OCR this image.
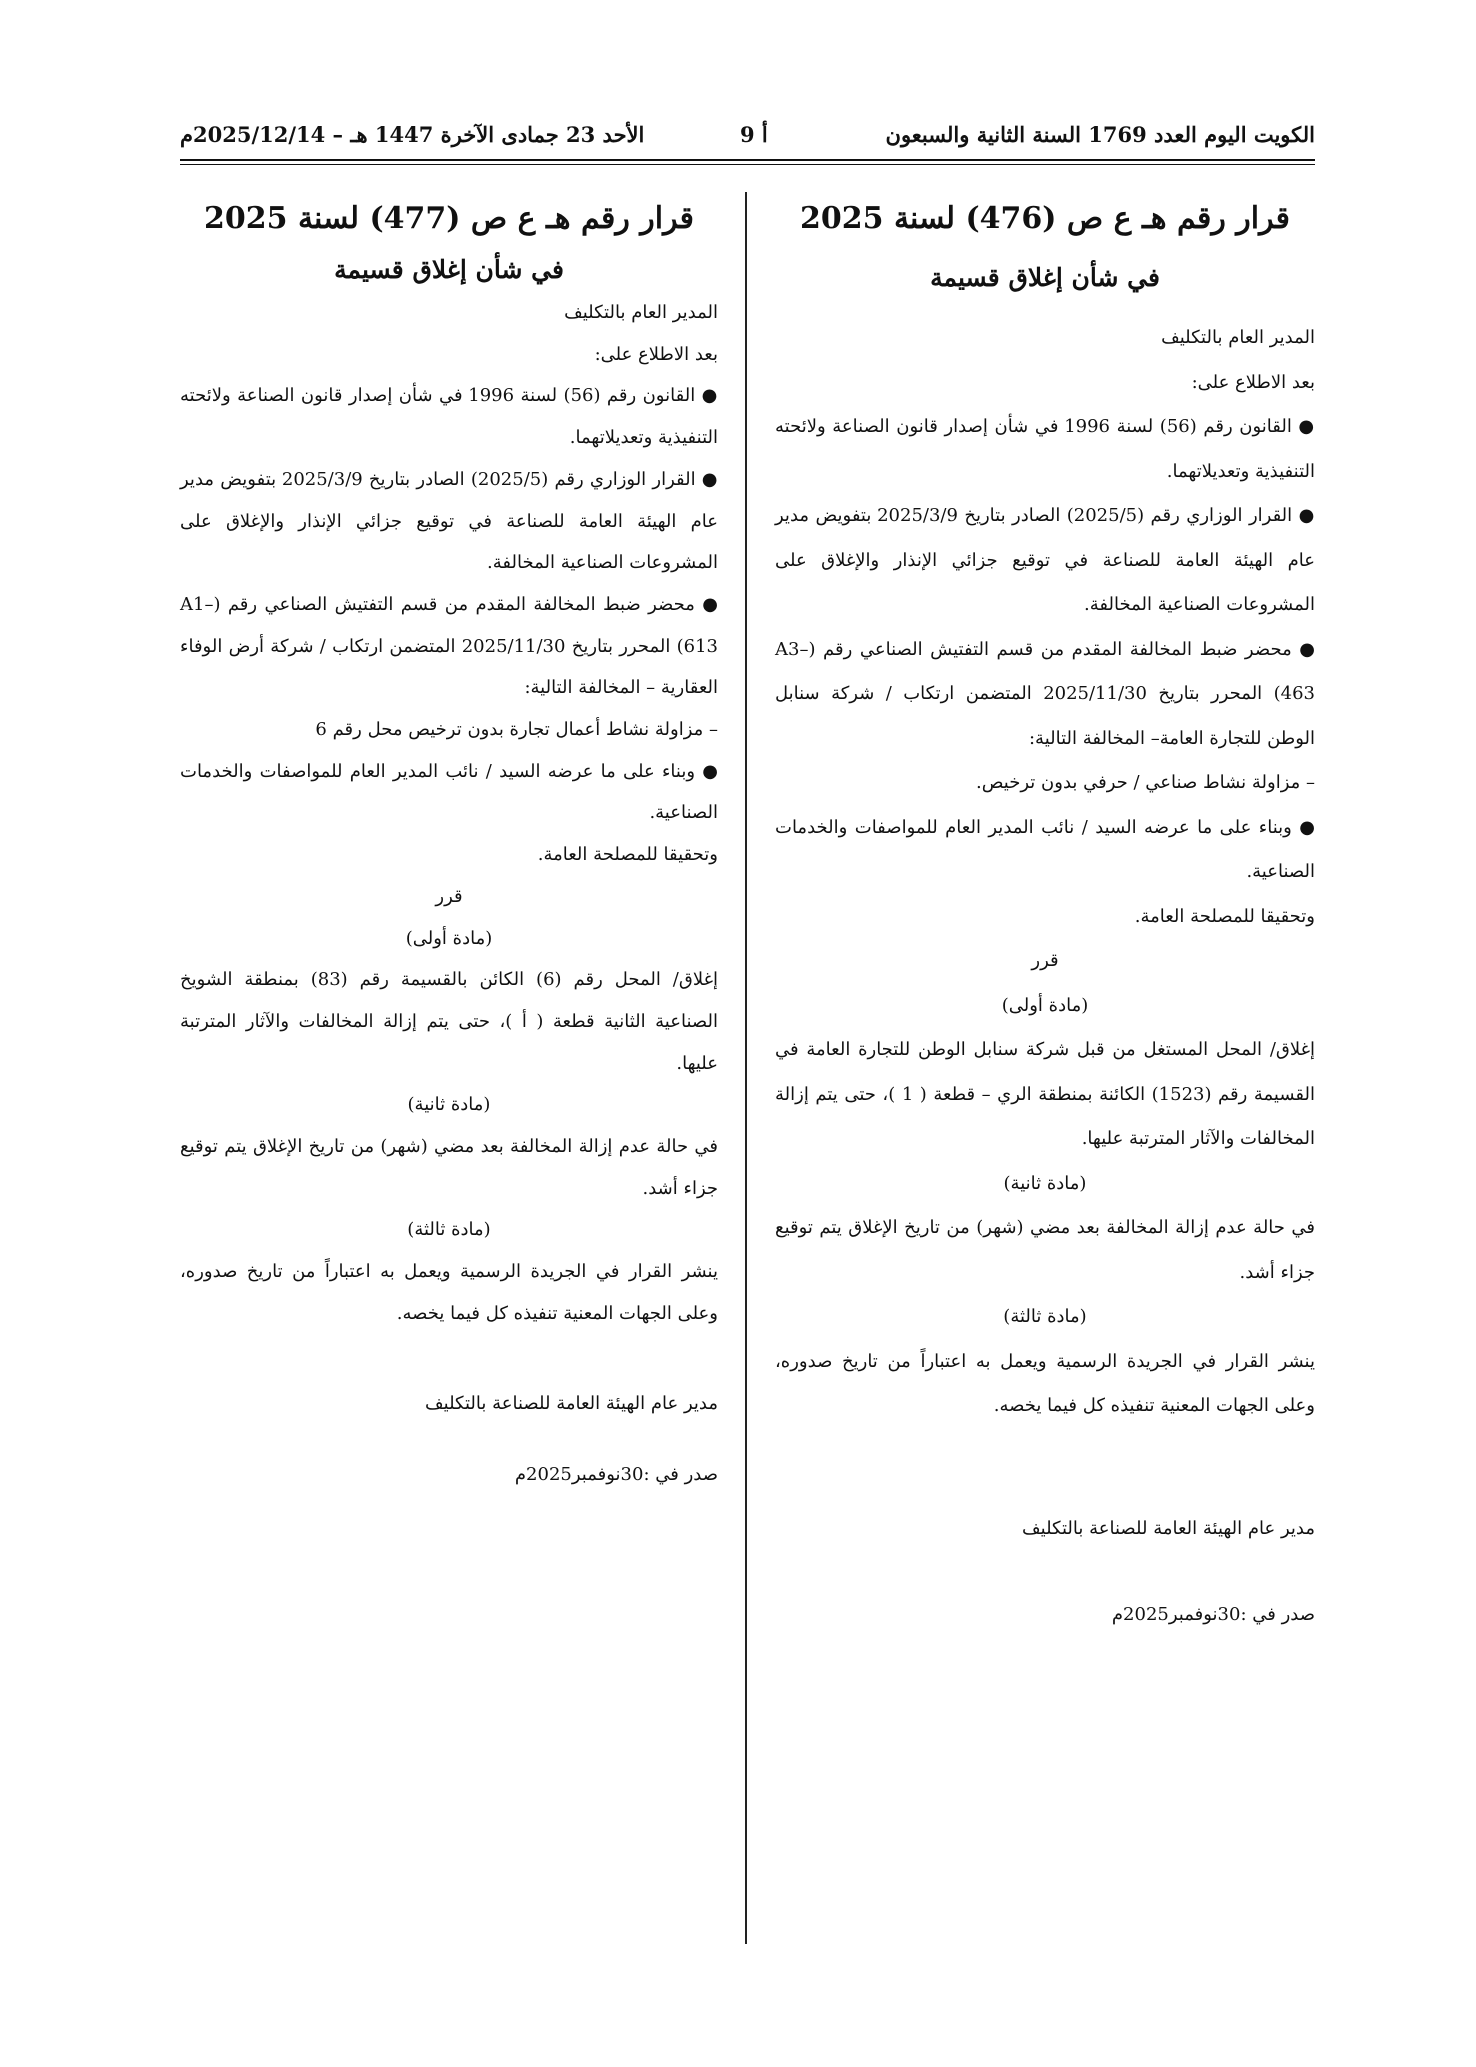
الكويت اليوم العدد 1769 السنة الثانية والسبعون
أ 9
الأحد 23 جمادى الآخرة 1447 هـ – 2025/12/14م
قرار رقم هـ ع ص (476) لسنة 2025
في شأن إغلاق قسيمة

المدير العام بالتكليف

بعد الاطلاع على:

● القانون رقم (56) لسنة 1996 في شأن إصدار قانون الصناعة ولائحته التنفيذية وتعديلاتهما.

● القرار الوزاري رقم (2025/5) الصادر بتاريخ 2025/3/9 بتفويض مدير عام الهيئة العامة للصناعة في توقيع جزائي الإنذار والإغلاق على المشروعات الصناعية المخالفة.

● محضر ضبط المخالفة المقدم من قسم التفتيش الصناعي رقم (A3–463) المحرر بتاريخ 2025/11/30 المتضمن ارتكاب / شركة سنابل الوطن للتجارة العامة– المخالفة التالية:

– مزاولة نشاط صناعي / حرفي بدون ترخيص.

● وبناء على ما عرضه السيد / نائب المدير العام للمواصفات والخدمات الصناعية.

وتحقيقا للمصلحة العامة.

قرر

(مادة أولى)

إغلاق/ المحل المستغل من قبل شركة سنابل الوطن للتجارة العامة في القسيمة رقم (1523) الكائنة بمنطقة الري – قطعة ( 1 )، حتى يتم إزالة المخالفات والآثار المترتبة عليها.

(مادة ثانية)

في حالة عدم إزالة المخالفة بعد مضي (شهر) من تاريخ الإغلاق يتم توقيع جزاء أشد.

(مادة ثالثة)

ينشر القرار في الجريدة الرسمية ويعمل به اعتباراً من تاريخ صدوره، وعلى الجهات المعنية تنفيذه كل فيما يخصه.

مدير عام الهيئة العامة للصناعة بالتكليف

صدر في :30نوفمبر2025م

قرار رقم هـ ع ص (477) لسنة 2025
في شأن إغلاق قسيمة

المدير العام بالتكليف

بعد الاطلاع على:

● القانون رقم (56) لسنة 1996 في شأن إصدار قانون الصناعة ولائحته التنفيذية وتعديلاتهما.

● القرار الوزاري رقم (2025/5) الصادر بتاريخ 2025/3/9 بتفويض مدير عام الهيئة العامة للصناعة في توقيع جزائي الإنذار والإغلاق على المشروعات الصناعية المخالفة.

● محضر ضبط المخالفة المقدم من قسم التفتيش الصناعي رقم (A1–613) المحرر بتاريخ 2025/11/30 المتضمن ارتكاب / شركة أرض الوفاء العقارية – المخالفة التالية:

– مزاولة نشاط أعمال تجارة بدون ترخيص محل رقم 6

● وبناء على ما عرضه السيد / نائب المدير العام للمواصفات والخدمات الصناعية.

وتحقيقا للمصلحة العامة.

قرر

(مادة أولى)

إغلاق/ المحل رقم (6) الكائن بالقسيمة رقم (83) بمنطقة الشويخ الصناعية الثانية قطعة ( أ )، حتى يتم إزالة المخالفات والآثار المترتبة عليها.

(مادة ثانية)

في حالة عدم إزالة المخالفة بعد مضي (شهر) من تاريخ الإغلاق يتم توقيع جزاء أشد.

(مادة ثالثة)

ينشر القرار في الجريدة الرسمية ويعمل به اعتباراً من تاريخ صدوره، وعلى الجهات المعنية تنفيذه كل فيما يخصه.

مدير عام الهيئة العامة للصناعة بالتكليف

صدر في :30نوفمبر2025م
